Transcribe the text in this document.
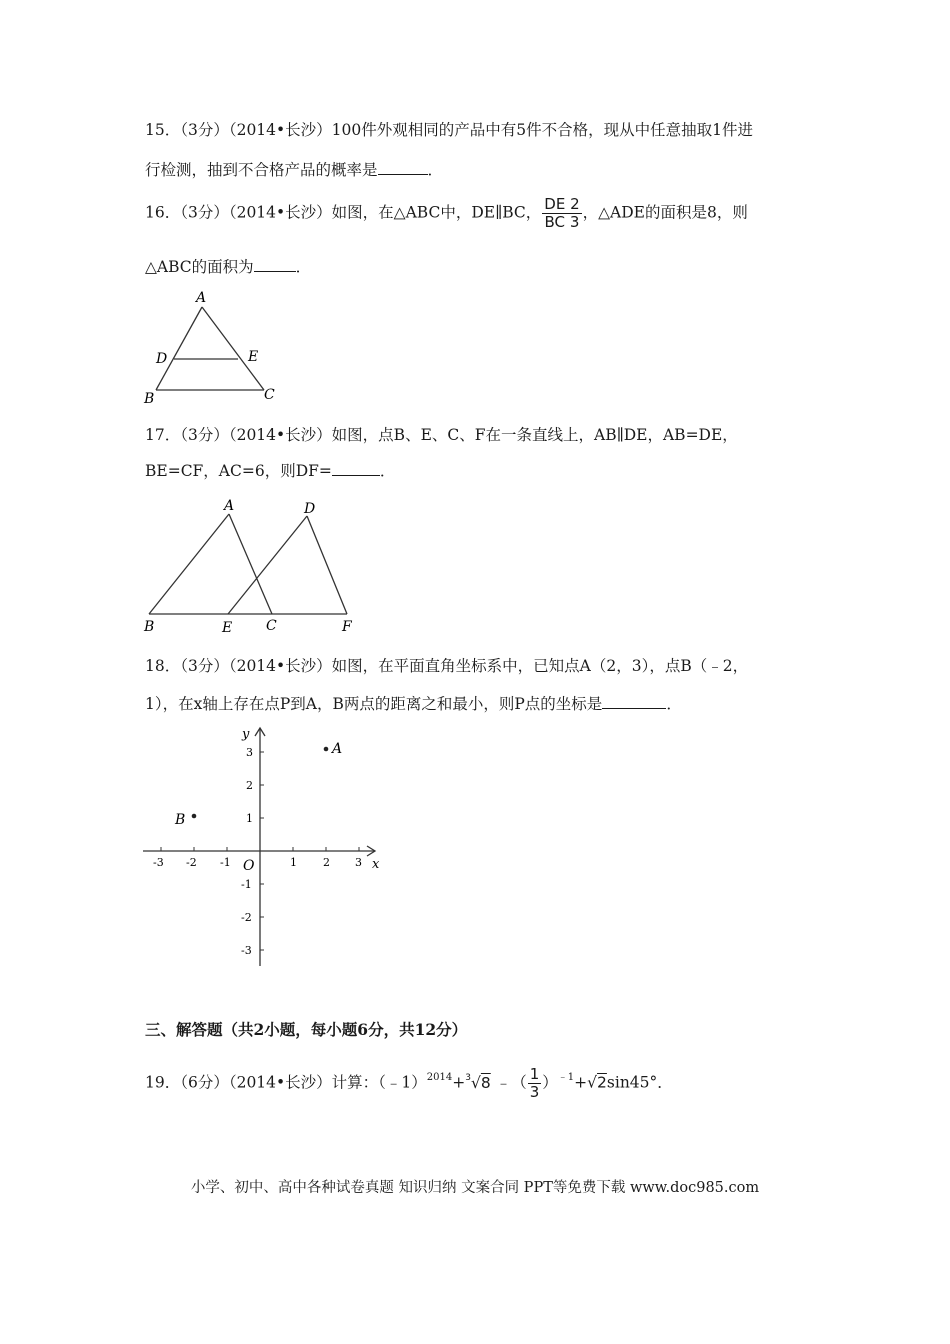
15．（3分）（2014•长沙）100件外观相同的产品中有5件不合格，现从中任意抽取1件进
行检测，抽到不合格产品的概率是	．
16．（3分）（2014•长沙）如图，在△ABC中，DE∥BC， $\frac{DE 2}{BC 3}$ ，△ADE的面积是8，则
△ABC的面积为	．
A
D	E
B	C
17．（3分）（2014•长沙）如图，点B、E、C、F在一条直线上，AB∥DE，AB=DE，
BE=CF，AC=6，则DF=	．
A	D
B	E C	F
18．（3分）（2014•长沙）如图，在平面直角坐标系中，已知点A（2，3），点B（﹣2，
1），在x轴上存在点P到A，B两点的距离之和最小，则P点的坐标是	．
-3 -2 -1	1 2 3
3
2
1
-1
-2
-3
O	x
y
A
B
三、解答题（共2小题，每小题6分，共12分）
19．（6分）（2014•长沙）计算：（﹣1）$^{2014}$+$^3$√8 ﹣（ $\frac{1}{3} )^{﹣1}+√2\sin 45^\circ$．
小学、初中、高中各种试卷真题 知识归纳 文案合同 PPT等免费下载 www.doc985.com
